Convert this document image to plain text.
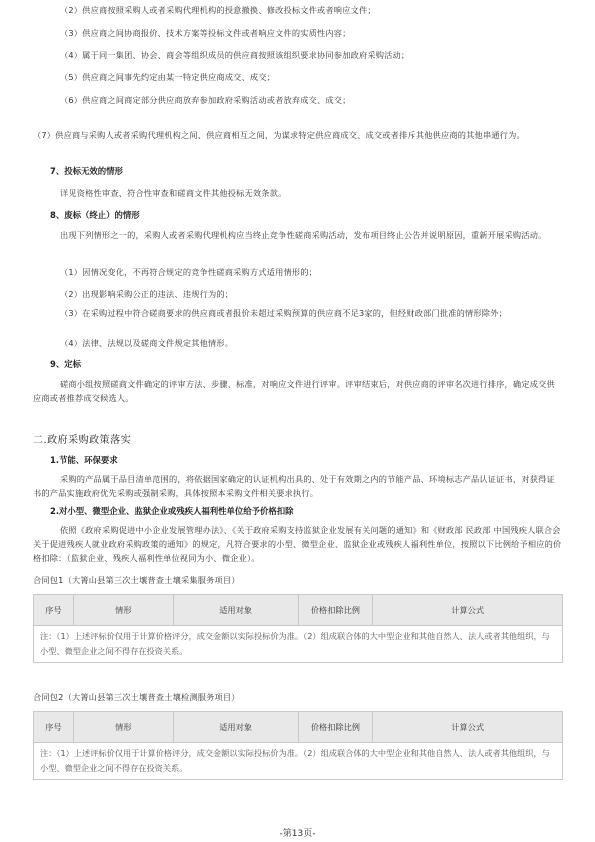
（2）供应商按照采购人或者采购代理机构的授意撤换、修改投标文件或者响应文件；
（3）供应商之间协商报价、技术方案等投标文件或者响应文件的实质性内容；
（4）属于同一集团、协会、商会等组织成员的供应商按照该组织要求协同参加政府采购活动；
（5）供应商之间事先约定由某一特定供应商成交、成交；
（6）供应商之间商定部分供应商放弃参加政府采购活动或者放弃成交、成交；
（7）供应商与采购人或者采购代理机构之间、供应商相互之间，为谋求特定供应商成交、成交或者排斥其他供应商的其他串通行为。
7、投标无效的情形
详见资格性审查、符合性审查和磋商文件其他投标无效条款。
8、废标（终止）的情形
出现下列情形之一的，采购人或者采购代理机构应当终止竞争性磋商采购活动，发布项目终止公告并说明原因，重新开展采购活动。
（1）因情况变化，不再符合规定的竞争性磋商采购方式适用情形的；
（2）出现影响采购公正的违法、违规行为的；
（3）在采购过程中符合磋商要求的供应商或者报价未超过采购预算的供应商不足3家的，但经财政部门批准的情形除外；
（4）法律、法规以及磋商文件规定其他情形。
9、定标
磋商小组按照磋商文件确定的评审方法、步骤、标准，对响应文件进行评审。评审结束后，对供应商的评审名次进行排序，确定成交供应商或者推荐成交候选人。
二.政府采购政策落实
1.节能、环保要求
采购的产品属于品目清单范围的，将依据国家确定的认证机构出具的、处于有效期之内的节能产品、环境标志产品认证证书，对获得证书的产品实施政府优先采购或强制采购，具体按照本采购文件相关要求执行。
2.对小型、微型企业、监狱企业或残疾人福利性单位给予价格扣除
依照《政府采购促进中小企业发展管理办法》、《关于政府采购支持监狱企业发展有关问题的通知》和《财政部 民政部 中国残疾人联合会关于促进残疾人就业政府采购政策的通知》的规定，凡符合要求的小型、微型企业、监狱企业或残疾人福利性单位，按照以下比例给予相应的价格扣除：（监狱企业、残疾人福利性单位视同为小、微企业）。
合同包1（大箐山县第三次土壤普查土壤采集服务项目）
序号	情形	适用对象	价格扣除比例	计算公式
注：（1）上述评标价仅用于计算价格评分，成交金额以实际投标价为准。（2）组成联合体的大中型企业和其他自然人、法人或者其他组织，与小型、微型企业之间不得存在投资关系。
合同包2（大箐山县第三次土壤普查土壤检测服务项目）
序号	情形	适用对象	价格扣除比例	计算公式
注：（1）上述评标价仅用于计算价格评分，成交金额以实际投标价为准。（2）组成联合体的大中型企业和其他自然人、法人或者其他组织，与小型、微型企业之间不得存在投资关系。
-第13页-
